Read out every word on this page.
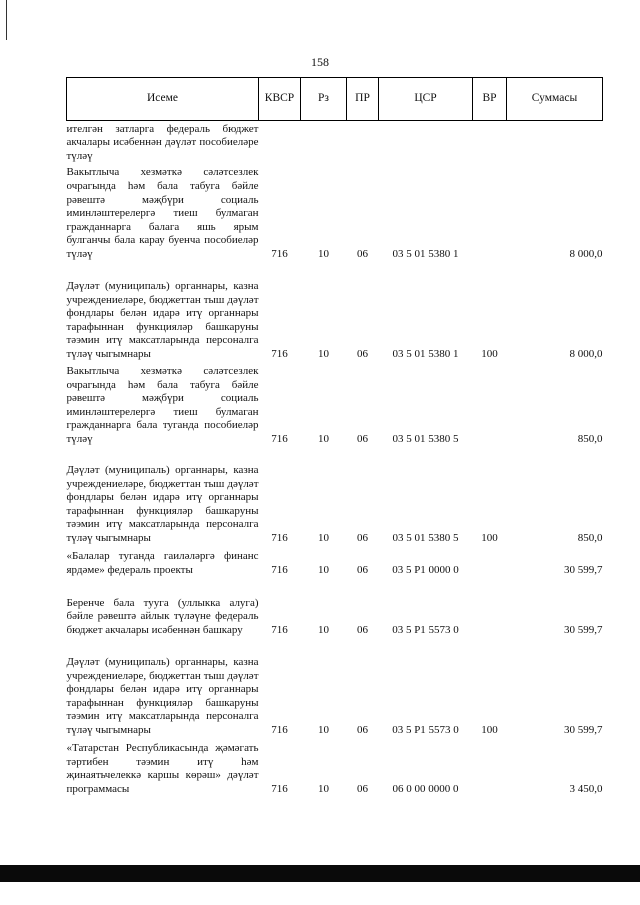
158
Исеме	КВСР	Рз	ПР	ЦСР	ВР	Суммасы
ителгән затларга федераль бюджет акчалары исәбеннән дәүләт пособиеләре түләү						
Вакытлыча хезмәткә сәләтсезлек очрагында һәм бала табуга бәйле рәвештә мәҗбүри социаль иминләштерелергә тиеш булмаган гражданнарга балага яшь ярым булганчы бала карау буенча пособиеләр түләү	716	10	06	03 5 01 5380 1		8 000,0
Дәүләт (муниципаль) органнары, казна учреждениеләре, бюджеттан тыш дәүләт фондлары белән идарә итү органнары тарафыннан функцияләр башкаруны тәэмин итү максатларында персоналга түләү чыгымнары	716	10	06	03 5 01 5380 1	100	8 000,0
Вакытлыча хезмәткә сәләтсезлек очрагында һәм бала табуга бәйле рәвештә мәҗбүри социаль иминләштерелергә тиеш булмаган гражданнарга бала туганда пособиеләр түләү	716	10	06	03 5 01 5380 5		850,0
Дәүләт (муниципаль) органнары, казна учреждениеләре, бюджеттан тыш дәүләт фондлары белән идарә итү органнары тарафыннан функцияләр башкаруны тәэмин итү максатларында персоналга түләү чыгымнары	716	10	06	03 5 01 5380 5	100	850,0
«Балалар туганда гаиләләргә финанс ярдәме» федераль проекты	716	10	06	03 5 P1 0000 0		30 599,7
Беренче бала туугa (уллыкка алуга) бәйле рәвештә айлык түләүне федераль бюджет акчалары исәбеннән башкару	716	10	06	03 5 P1 5573 0		30 599,7
Дәүләт (муниципаль) органнары, казна учреждениеләре, бюджеттан тыш дәүләт фондлары белән идарә итү органнары тарафыннан функцияләр башкаруны тәэмин итү максатларында персоналга түләү чыгымнары	716	10	06	03 5 P1 5573 0	100	30 599,7
«Татарстан Республикасында җәмәгать тәртибен тәэмин итү һәм җинаятьчелеккә каршы көрәш» дәүләт программасы	716	10	06	06 0 00 0000 0		3 450,0
